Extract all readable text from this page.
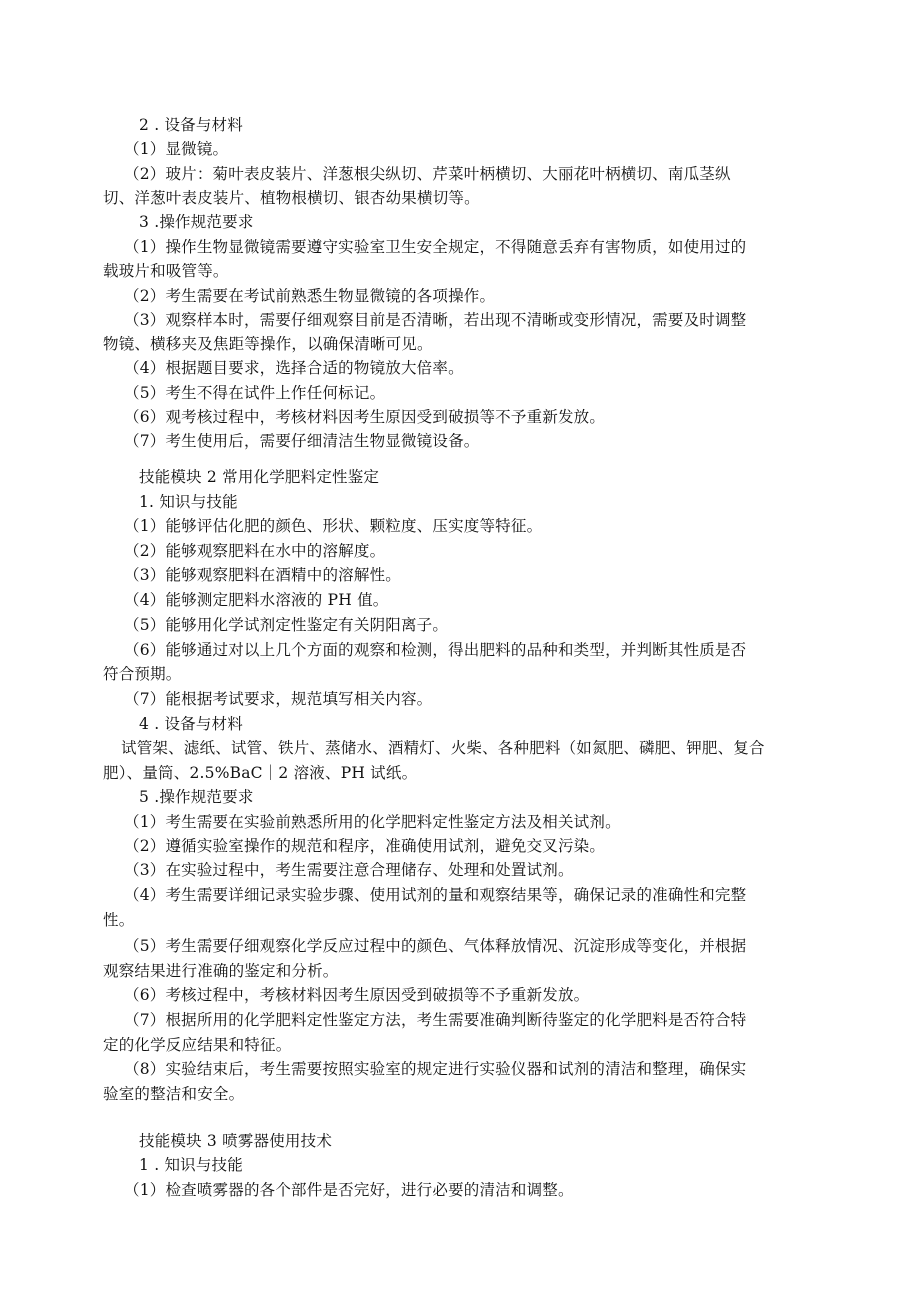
2 . 设备与材料
（1）显微镜。
（2）玻片：菊叶表皮装片、洋葱根尖纵切、芹菜叶柄横切、大丽花叶柄横切、南瓜茎纵
切、洋葱叶表皮装片、植物根横切、银杏幼果横切等。
3 .操作规范要求
（1）操作生物显微镜需要遵守实验室卫生安全规定，不得随意丢弃有害物质，如使用过的
载玻片和吸管等。
（2）考生需要在考试前熟悉生物显微镜的各项操作。
（3）观察样本时，需要仔细观察目前是否清晰，若出现不清晰或变形情况，需要及时调整
物镜、横移夹及焦距等操作，以确保清晰可见。
（4）根据题目要求，选择合适的物镜放大倍率。
（5）考生不得在试件上作任何标记。
（6）观考核过程中，考核材料因考生原因受到破损等不予重新发放。
（7）考生使用后，需要仔细清洁生物显微镜设备。
技能模块 2 常用化学肥料定性鉴定
1. 知识与技能
（1）能够评估化肥的颜色、形状、颗粒度、压实度等特征。
（2）能够观察肥料在水中的溶解度。
（3）能够观察肥料在酒精中的溶解性。
（4）能够测定肥料水溶液的 PH 值。
（5）能够用化学试剂定性鉴定有关阴阳离子。
（6）能够通过对以上几个方面的观察和检测，得出肥料的品种和类型，并判断其性质是否
符合预期。
（7）能根据考试要求，规范填写相关内容。
4 . 设备与材料
试管架、滤纸、试管、铁片、蒸储水、酒精灯、火柴、各种肥料（如氮肥、磷肥、钾肥、复合
肥）、量筒、2.5%BaC｜2 溶液、PH 试纸。
5 .操作规范要求
（1）考生需要在实验前熟悉所用的化学肥料定性鉴定方法及相关试剂。
（2）遵循实验室操作的规范和程序，准确使用试剂，避免交叉污染。
（3）在实验过程中，考生需要注意合理储存、处理和处置试剂。
（4）考生需要详细记录实验步骤、使用试剂的量和观察结果等，确保记录的准确性和完整
性。
（5）考生需要仔细观察化学反应过程中的颜色、气体释放情况、沉淀形成等变化，并根据
观察结果进行准确的鉴定和分析。
（6）考核过程中，考核材料因考生原因受到破损等不予重新发放。
（7）根据所用的化学肥料定性鉴定方法，考生需要准确判断待鉴定的化学肥料是否符合特
定的化学反应结果和特征。
（8）实验结束后，考生需要按照实验室的规定进行实验仪器和试剂的清洁和整理，确保实
验室的整洁和安全。
技能模块 3 喷雾器使用技术
1 . 知识与技能
（1）检查喷雾器的各个部件是否完好，进行必要的清洁和调整。
